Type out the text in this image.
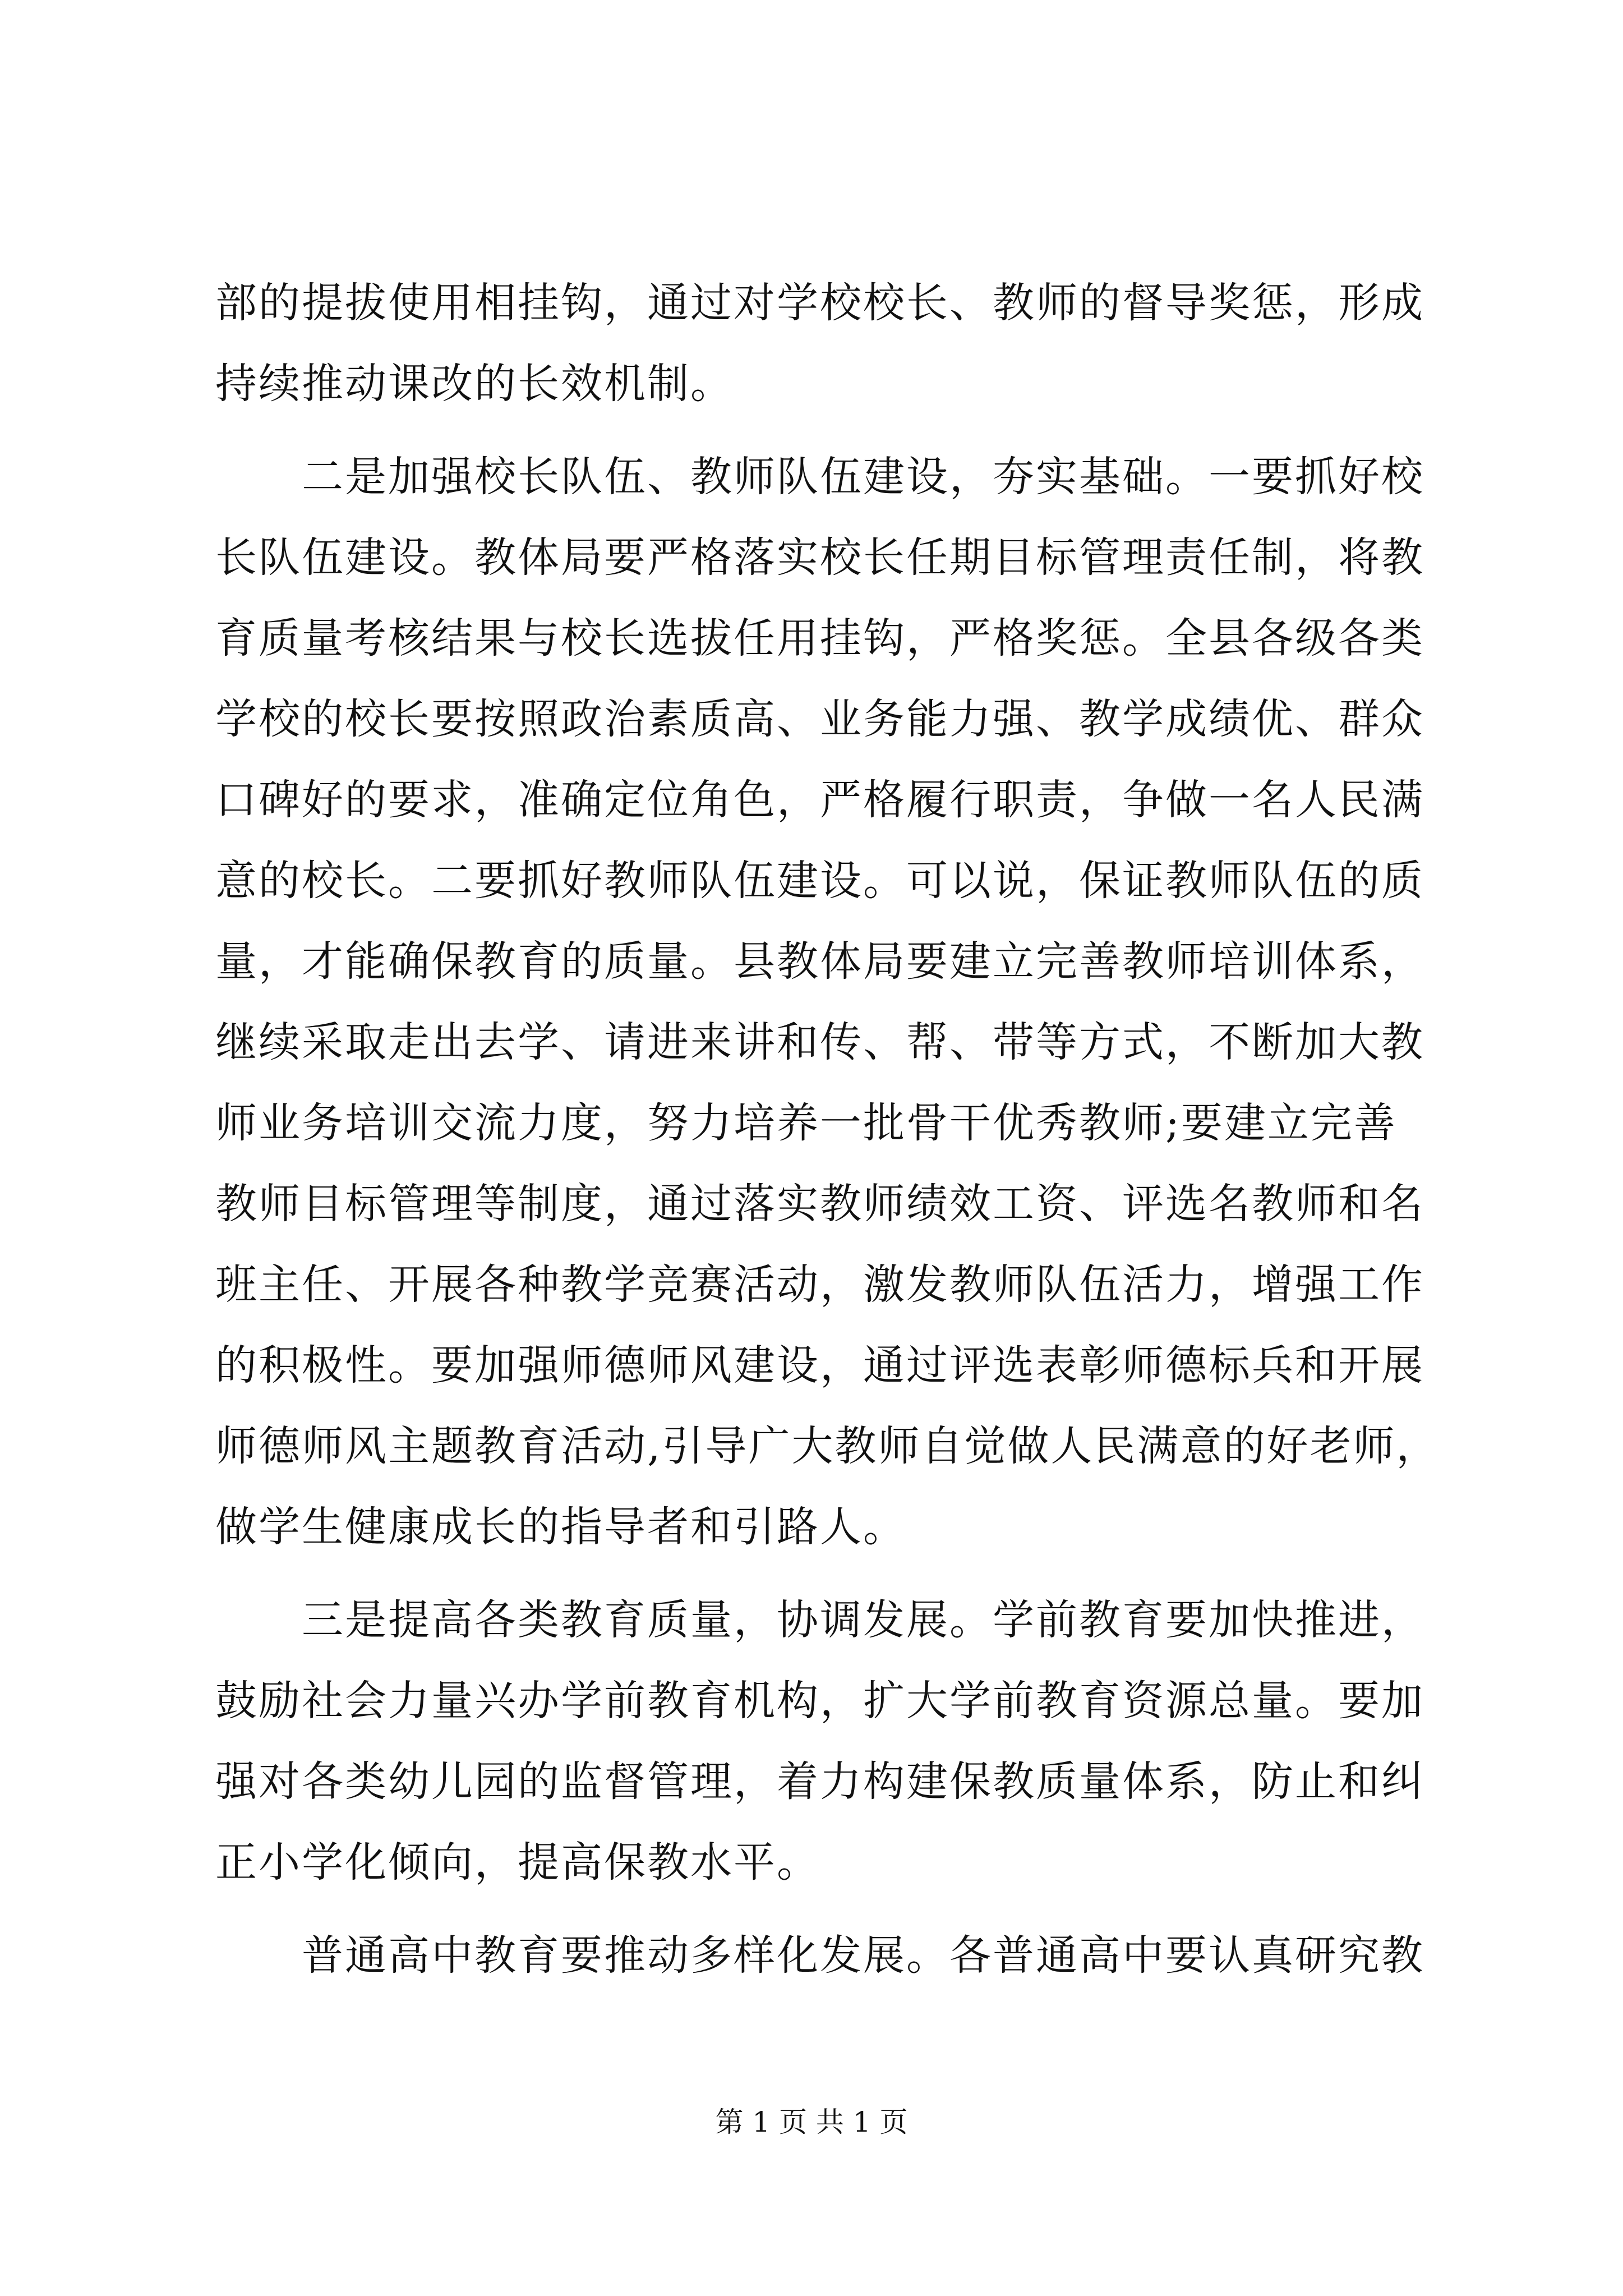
部的提拔使用相挂钩，通过对学校校长、教师的督导奖惩，形成
持续推动课改的长效机制。
　　二是加强校长队伍、教师队伍建设，夯实基础。一要抓好校
长队伍建设。教体局要严格落实校长任期目标管理责任制，将教
育质量考核结果与校长选拔任用挂钩，严格奖惩。全县各级各类
学校的校长要按照政治素质高、业务能力强、教学成绩优、群众
口碑好的要求，准确定位角色，严格履行职责，争做一名人民满
意的校长。二要抓好教师队伍建设。可以说，保证教师队伍的质
量，才能确保教育的质量。县教体局要建立完善教师培训体系，
继续采取走出去学、请进来讲和传、帮、带等方式，不断加大教
师业务培训交流力度，努力培养一批骨干优秀教师;要建立完善
教师目标管理等制度，通过落实教师绩效工资、评选名教师和名
班主任、开展各种教学竞赛活动，激发教师队伍活力，增强工作
的积极性。要加强师德师风建设，通过评选表彰师德标兵和开展
师德师风主题教育活动,引导广大教师自觉做人民满意的好老师，
做学生健康成长的指导者和引路人。
　　三是提高各类教育质量，协调发展。学前教育要加快推进，
鼓励社会力量兴办学前教育机构，扩大学前教育资源总量。要加
强对各类幼儿园的监督管理，着力构建保教质量体系，防止和纠
正小学化倾向，提高保教水平。
　　普通高中教育要推动多样化发展。各普通高中要认真研究教
第 1 页 共 1 页
